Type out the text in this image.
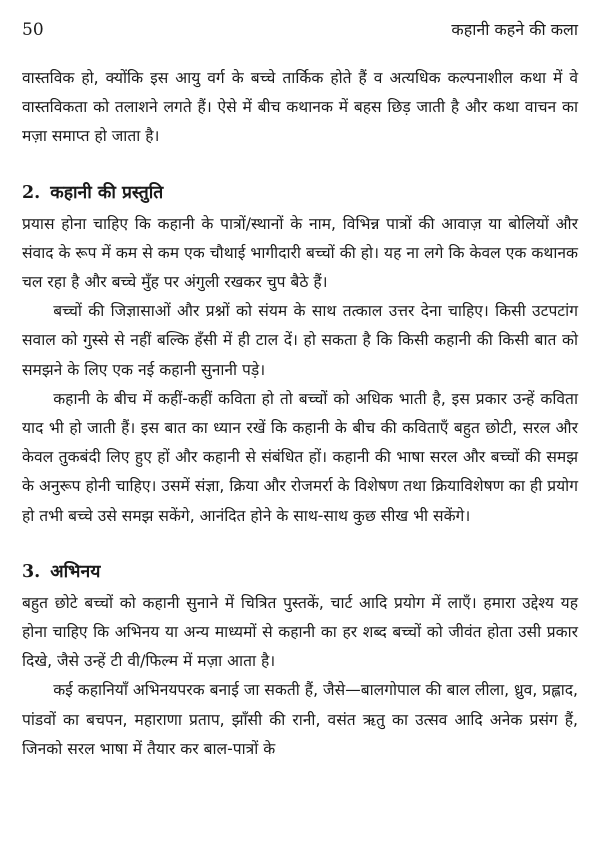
50	कहानी कहने की कला

वास्तविक हो, क्योंकि इस आयु वर्ग के बच्चे तार्किक होते हैं व अत्यधिक कल्पनाशील कथा में वे वास्तविकता को तलाशने लगते हैं। ऐसे में बीच कथानक में बहस छिड़ जाती है और कथा वाचन का मज़ा समाप्त हो जाता है।

2. कहानी की प्रस्तुति

प्रयास होना चाहिए कि कहानी के पात्रों/स्थानों के नाम, विभिन्न पात्रों की आवाज़ या बोलियों और संवाद के रूप में कम से कम एक चौथाई भागीदारी बच्चों की हो। यह ना लगे कि केवल एक कथानक चल रहा है और बच्चे मुँह पर अंगुली रखकर चुप बैठे हैं।

बच्चों की जिज्ञासाओं और प्रश्नों को संयम के साथ तत्काल उत्तर देना चाहिए। किसी उटपटांग सवाल को गुस्से से नहीं बल्कि हँसी में ही टाल दें। हो सकता है कि किसी कहानी की किसी बात को समझने के लिए एक नई कहानी सुनानी पड़े।

कहानी के बीच में कहीं-कहीं कविता हो तो बच्चों को अधिक भाती है, इस प्रकार उन्हें कविता याद भी हो जाती हैं। इस बात का ध्यान रखें कि कहानी के बीच की कविताएँ बहुत छोटी, सरल और केवल तुकबंदी लिए हुए हों और कहानी से संबंधित हों। कहानी की भाषा सरल और बच्चों की समझ के अनुरूप होनी चाहिए। उसमें संज्ञा, क्रिया और रोजमर्रा के विशेषण तथा क्रियाविशेषण का ही प्रयोग हो तभी बच्चे उसे समझ सकेंगे, आनंदित होने के साथ-साथ कुछ सीख भी सकेंगे।

3. अभिनय

बहुत छोटे बच्चों को कहानी सुनाने में चित्रित पुस्तकें, चार्ट आदि प्रयोग में लाएँ। हमारा उद्देश्य यह होना चाहिए कि अभिनय या अन्य माध्यमों से कहानी का हर शब्द बच्चों को जीवंत होता उसी प्रकार दिखे, जैसे उन्हें टी वी/फिल्म में मज़ा आता है।

कई कहानियाँ अभिनयपरक बनाई जा सकती हैं, जैसे—बालगोपाल की बाल लीला, ध्रुव, प्रह्लाद, पांडवों का बचपन, महाराणा प्रताप, झाँसी की रानी, वसंत ऋतु का उत्सव आदि अनेक प्रसंग हैं, जिनको सरल भाषा में तैयार कर बाल-पात्रों के
